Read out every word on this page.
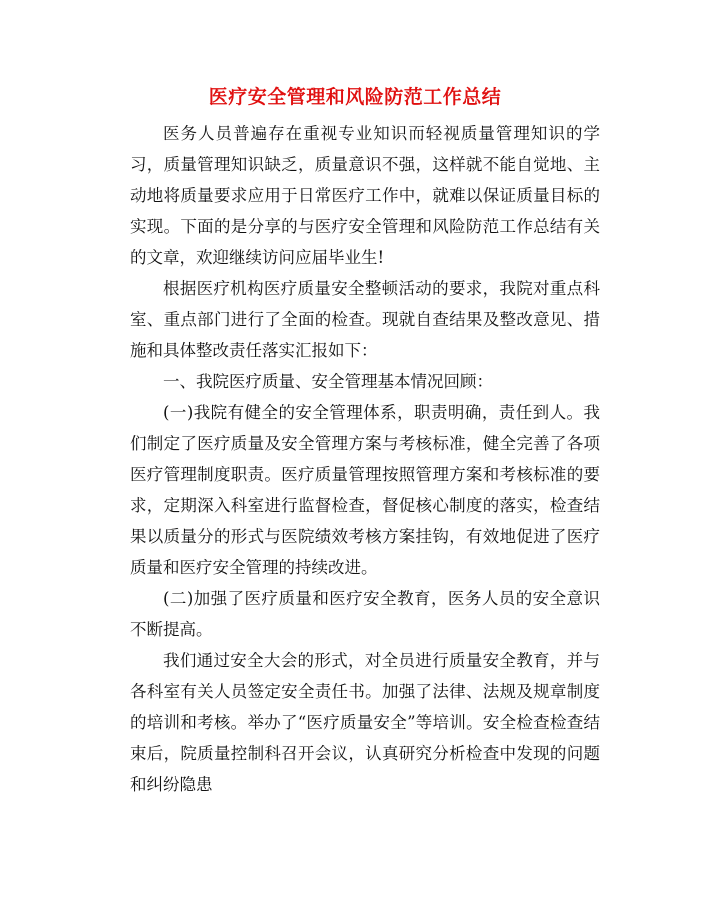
医疗安全管理和风险防范工作总结

医务人员普遍存在重视专业知识而轻视质量管理知识的学习，质量管理知识缺乏，质量意识不强，这样就不能自觉地、主动地将质量要求应用于日常医疗工作中，就难以保证质量目标的实现。下面的是分享的与医疗安全管理和风险防范工作总结有关的文章，欢迎继续访问应届毕业生!

根据医疗机构医疗质量安全整顿活动的要求，我院对重点科室、重点部门进行了全面的检查。现就自查结果及整改意见、措施和具体整改责任落实汇报如下：

一、我院医疗质量、安全管理基本情况回顾：

(一)我院有健全的安全管理体系，职责明确，责任到人。我们制定了医疗质量及安全管理方案与考核标准，健全完善了各项医疗管理制度职责。医疗质量管理按照管理方案和考核标准的要求，定期深入科室进行监督检查，督促核心制度的落实，检查结果以质量分的形式与医院绩效考核方案挂钩，有效地促进了医疗质量和医疗安全管理的持续改进。

(二)加强了医疗质量和医疗安全教育，医务人员的安全意识不断提高。

我们通过安全大会的形式，对全员进行质量安全教育，并与各科室有关人员签定安全责任书。加强了法律、法规及规章制度的培训和考核。举办了“医疗质量安全”等培训。安全检查检查结束后，院质量控制科召开会议，认真研究分析检查中发现的问题和纠纷隐患
